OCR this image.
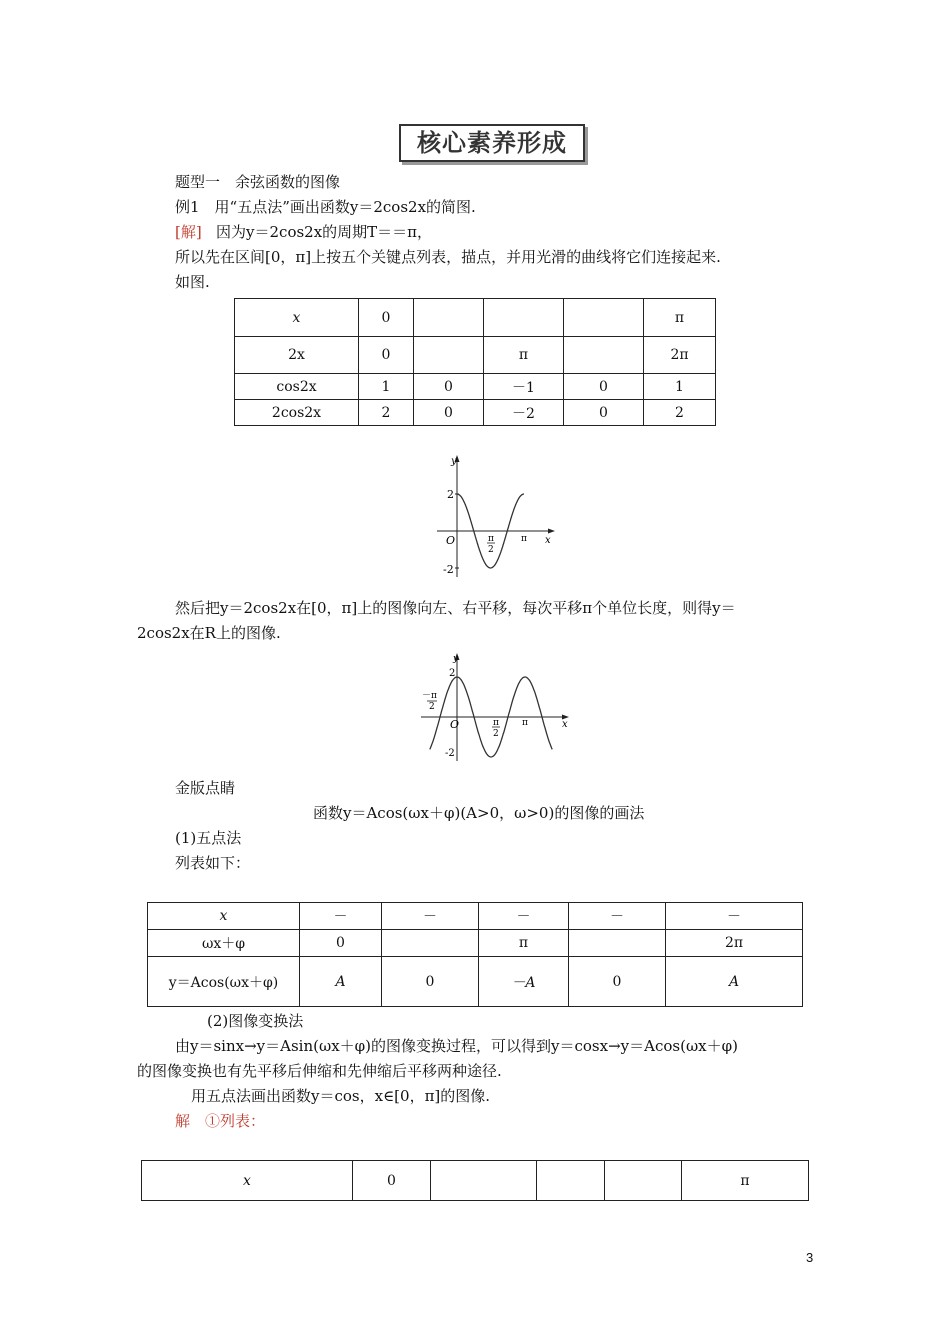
核心素养形成
题型一　余弦函数的图像
例1　用“五点法”画出函数y＝2cos2x的简图.
[解] 因为y＝2cos2x的周期T＝＝π，
所以先在区间[0，π]上按五个关键点列表，描点，并用光滑的曲线将它们连接起来.
如图.
x	0				π
2x	0		π		2π
cos2x	1	0	－1	0	1
2cos2x	2	0	－2	0	2
y
x
O
2
-2
π
2
π
然后把y＝2cos2x在[0，π]上的图像向左、右平移，每次平移π个单位长度，则得y＝
2cos2x在R上的图像.
y
x
O
2
-2
－π
2
π
2
π
金版点睛
函数y＝Acos(ωx＋φ)(A>0，ω>0)的图像的画法
(1)五点法
列表如下：
x	－	－	－	－	－
ωx＋φ	0		π		2π
y＝Acos(ωx＋φ)	A	0	－A	0	A
(2)图像变换法
由y＝sinx→y＝Asin(ωx＋φ)的图像变换过程，可以得到y＝cosx→y＝Acos(ωx＋φ)
的图像变换也有先平移后伸缩和先伸缩后平移两种途径.
用五点法画出函数y＝cos，x∈[0，π]的图像.
解　①列表：
x	0				π
3
